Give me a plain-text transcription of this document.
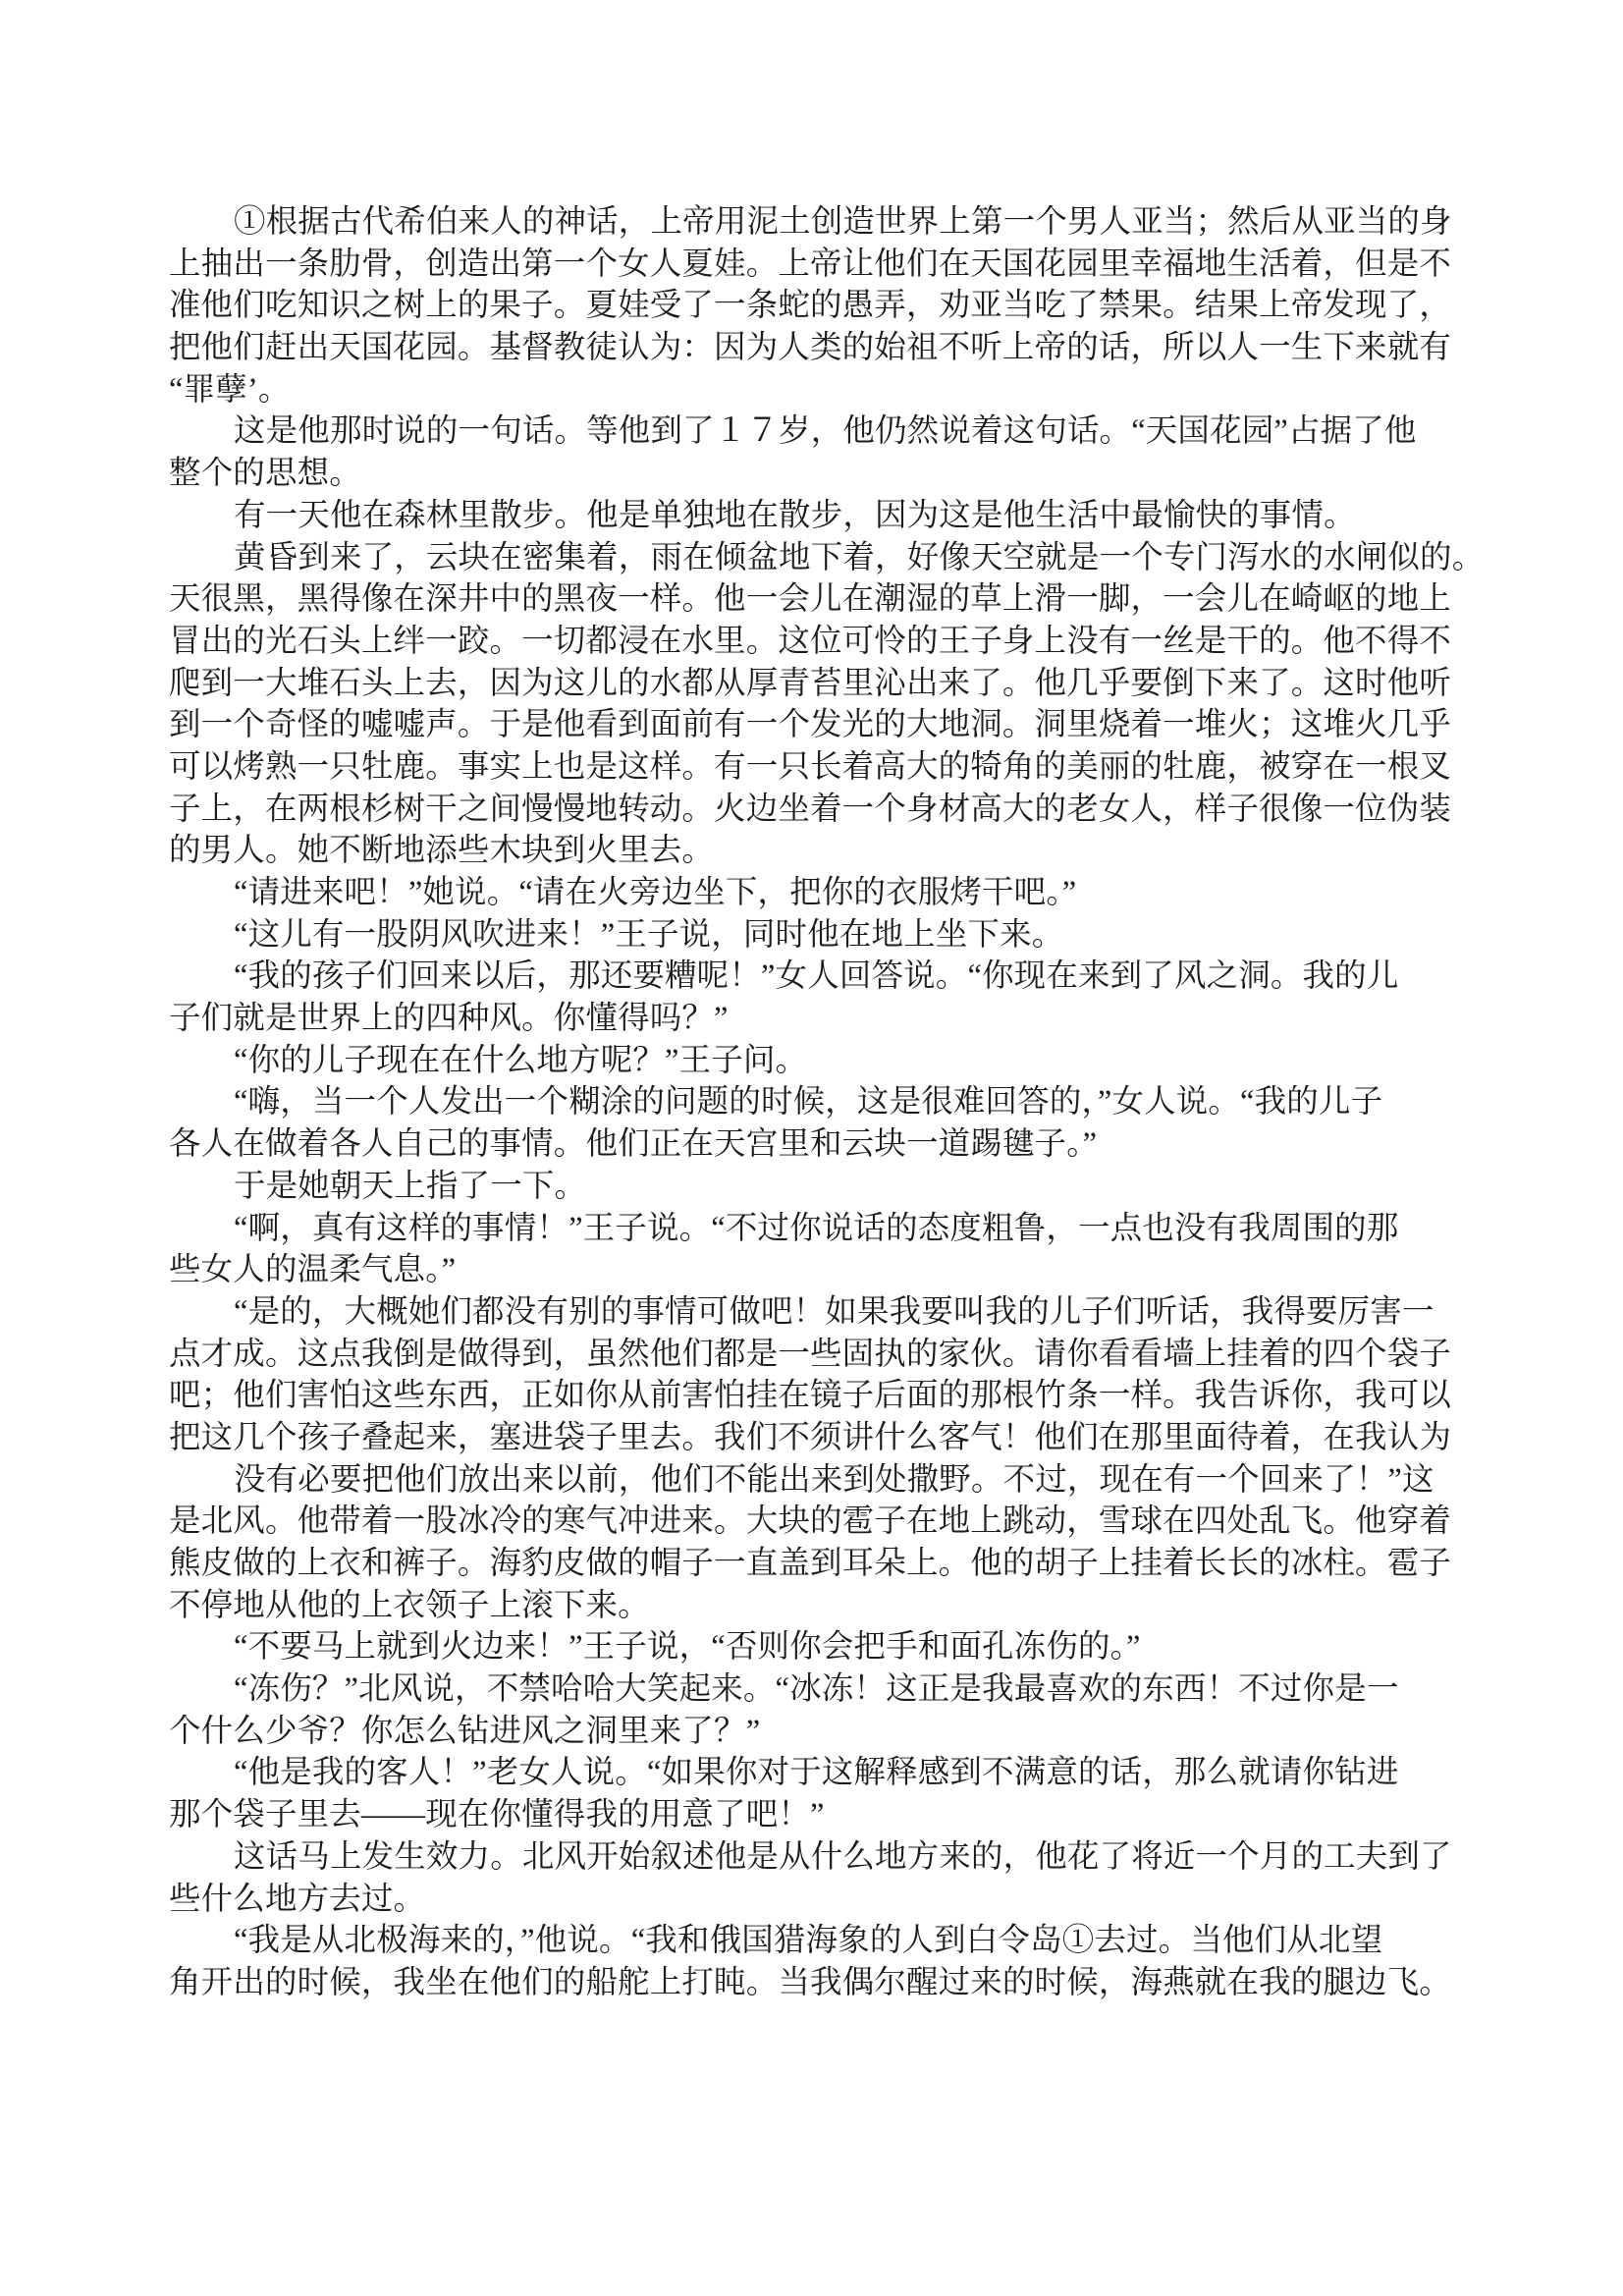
①根据古代希伯来人的神话，上帝用泥土创造世界上第一个男人亚当；然后从亚当的身
上抽出一条肋骨，创造出第一个女人夏娃。上帝让他们在天国花园里幸福地生活着，但是不
准他们吃知识之树上的果子。夏娃受了一条蛇的愚弄，劝亚当吃了禁果。结果上帝发现了，
把他们赶出天国花园。基督教徒认为：因为人类的始祖不听上帝的话，所以人一生下来就有
“罪孽’。
这是他那时说的一句话。等他到了１７岁，他仍然说着这句话。“天国花园”占据了他
整个的思想。
有一天他在森林里散步。他是单独地在散步，因为这是他生活中最愉快的事情。
黄昏到来了，云块在密集着，雨在倾盆地下着，好像天空就是一个专门泻水的水闸似的。
天很黑，黑得像在深井中的黑夜一样。他一会儿在潮湿的草上滑一脚，一会儿在崎岖的地上
冒出的光石头上绊一跤。一切都浸在水里。这位可怜的王子身上没有一丝是干的。他不得不
爬到一大堆石头上去，因为这儿的水都从厚青苔里沁出来了。他几乎要倒下来了。这时他听
到一个奇怪的嘘嘘声。于是他看到面前有一个发光的大地洞。洞里烧着一堆火；这堆火几乎
可以烤熟一只牡鹿。事实上也是这样。有一只长着高大的犄角的美丽的牡鹿，被穿在一根叉
子上，在两根杉树干之间慢慢地转动。火边坐着一个身材高大的老女人，样子很像一位伪装
的男人。她不断地添些木块到火里去。
“请进来吧！”她说。“请在火旁边坐下，把你的衣服烤干吧。”
“这儿有一股阴风吹进来！”王子说，同时他在地上坐下来。
“我的孩子们回来以后，那还要糟呢！”女人回答说。“你现在来到了风之洞。我的儿
子们就是世界上的四种风。你懂得吗？”
“你的儿子现在在什么地方呢？”王子问。
“嗨，当一个人发出一个糊涂的问题的时候，这是很难回答的，”女人说。“我的儿子
各人在做着各人自己的事情。他们正在天宫里和云块一道踢毽子。”
于是她朝天上指了一下。
“啊，真有这样的事情！”王子说。“不过你说话的态度粗鲁，一点也没有我周围的那
些女人的温柔气息。”
“是的，大概她们都没有别的事情可做吧！如果我要叫我的儿子们听话，我得要厉害一
点才成。这点我倒是做得到，虽然他们都是一些固执的家伙。请你看看墙上挂着的四个袋子
吧；他们害怕这些东西，正如你从前害怕挂在镜子后面的那根竹条一样。我告诉你，我可以
把这几个孩子叠起来，塞进袋子里去。我们不须讲什么客气！他们在那里面待着，在我认为
没有必要把他们放出来以前，他们不能出来到处撒野。不过，现在有一个回来了！”这
是北风。他带着一股冰冷的寒气冲进来。大块的雹子在地上跳动，雪球在四处乱飞。他穿着
熊皮做的上衣和裤子。海豹皮做的帽子一直盖到耳朵上。他的胡子上挂着长长的冰柱。雹子
不停地从他的上衣领子上滚下来。
“不要马上就到火边来！”王子说，“否则你会把手和面孔冻伤的。”
“冻伤？”北风说，不禁哈哈大笑起来。“冰冻！这正是我最喜欢的东西！不过你是一
个什么少爷？你怎么钻进风之洞里来了？”
“他是我的客人！”老女人说。“如果你对于这解释感到不满意的话，那么就请你钻进
那个袋子里去——现在你懂得我的用意了吧！”
这话马上发生效力。北风开始叙述他是从什么地方来的，他花了将近一个月的工夫到了
些什么地方去过。
“我是从北极海来的，”他说。“我和俄国猎海象的人到白令岛①去过。当他们从北望
角开出的时候，我坐在他们的船舵上打盹。当我偶尔醒过来的时候，海燕就在我的腿边飞。
